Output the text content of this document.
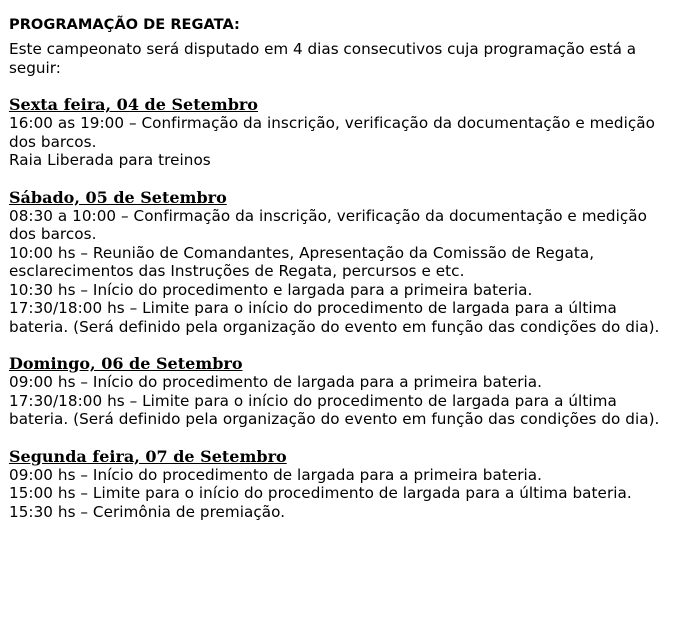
PROGRAMAÇÃO DE REGATA:
Este campeonato será disputado em 4 dias consecutivos cuja programação está a seguir:
Sexta feira, 04 de Setembro
16:00 as 19:00 – Confirmação da inscrição, verificação da documentação e medição dos barcos.
Raia Liberada para treinos
Sábado, 05 de Setembro
08:30 a 10:00 – Confirmação da inscrição, verificação da documentação e medição dos barcos.
10:00 hs – Reunião de Comandantes, Apresentação da Comissão de Regata, esclarecimentos das Instruções de Regata, percursos e etc.
10:30 hs – Início do procedimento e largada para a primeira bateria.
17:30/18:00 hs – Limite para o início do procedimento de largada para a última bateria. (Será definido pela organização do evento em função das condições do dia).
Domingo, 06 de Setembro
09:00 hs – Início do procedimento de largada para a primeira bateria.
17:30/18:00 hs – Limite para o início do procedimento de largada para a última bateria. (Será definido pela organização do evento em função das condições do dia).
Segunda feira, 07 de Setembro
09:00 hs – Início do procedimento de largada para a primeira bateria.
15:00 hs – Limite para o início do procedimento de largada para a última bateria.
15:30 hs – Cerimônia de premiação.
